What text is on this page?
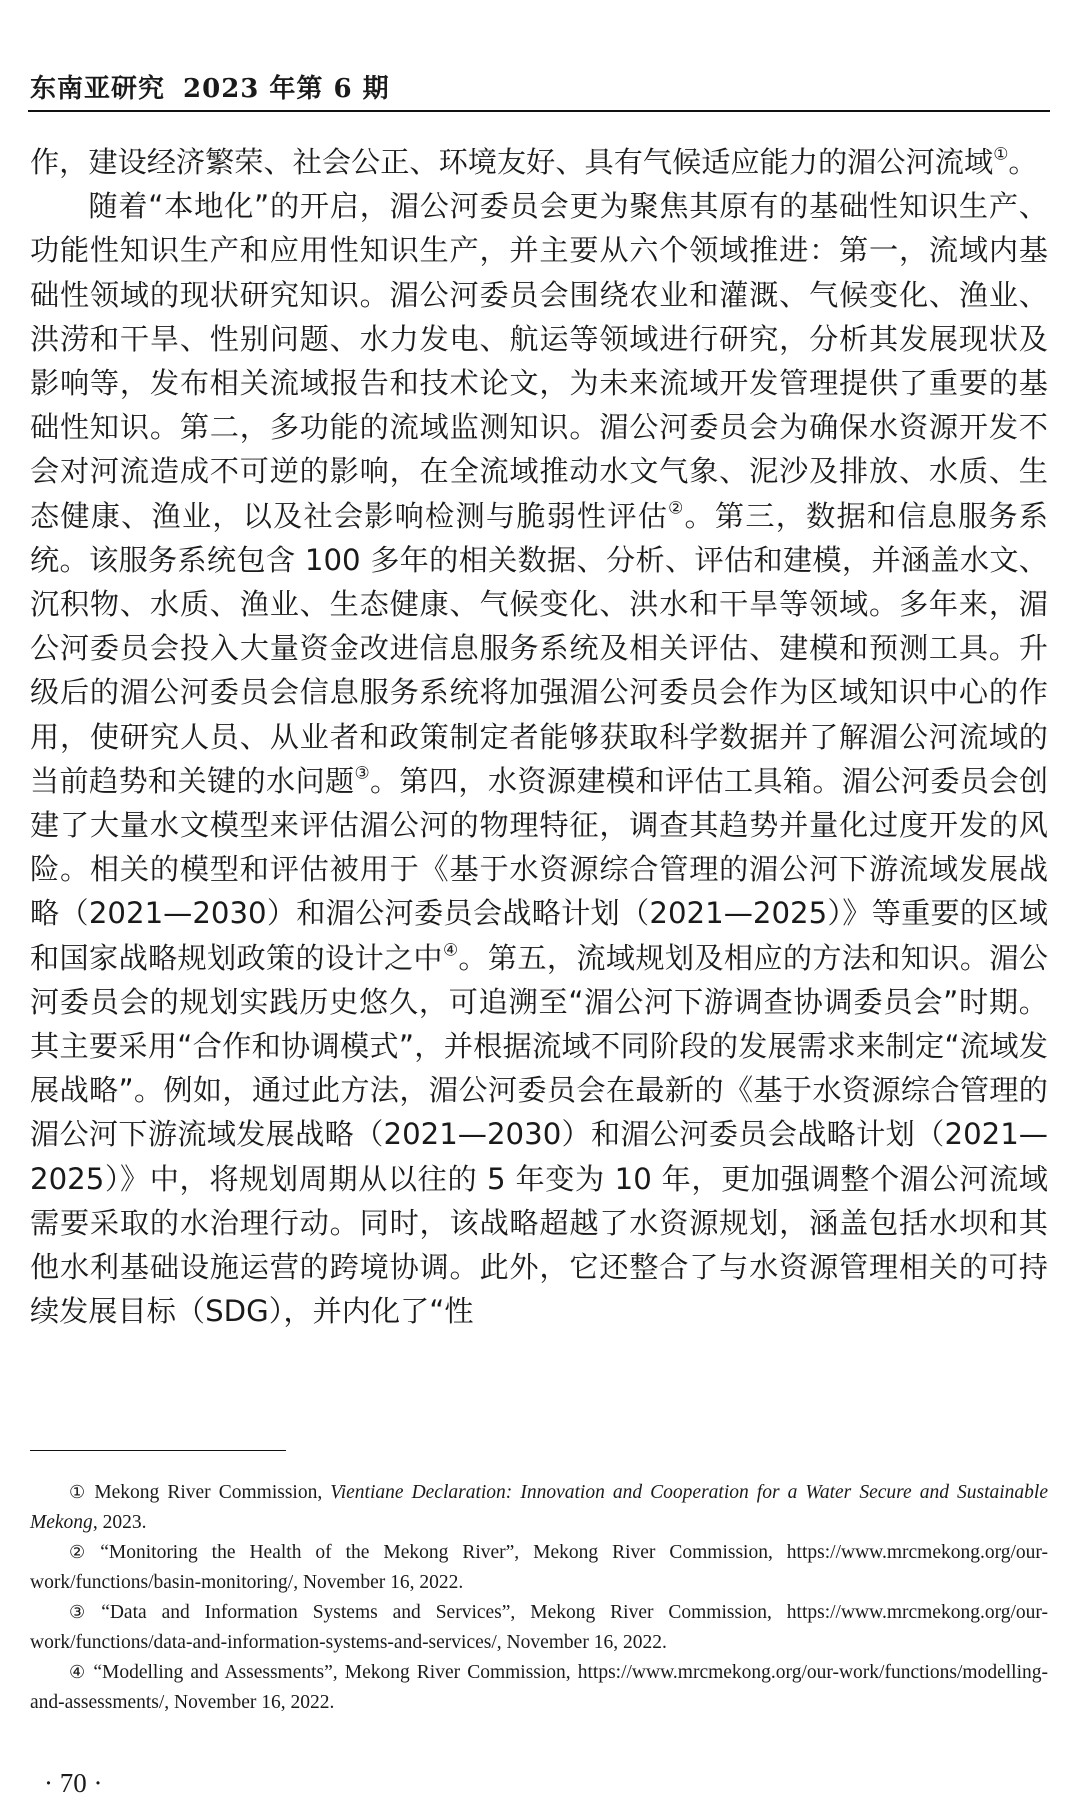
东南亚研究 2023 年第 6 期

作，建设经济繁荣、社会公正、环境友好、具有气候适应能力的湄公河流域①。

随着“本地化”的开启，湄公河委员会更为聚焦其原有的基础性知识生产、功能性知识生产和应用性知识生产，并主要从六个领域推进：第一，流域内基础性领域的现状研究知识。湄公河委员会围绕农业和灌溉、气候变化、渔业、洪涝和干旱、性别问题、水力发电、航运等领域进行研究，分析其发展现状及影响等，发布相关流域报告和技术论文，为未来流域开发管理提供了重要的基础性知识。第二，多功能的流域监测知识。湄公河委员会为确保水资源开发不会对河流造成不可逆的影响，在全流域推动水文气象、泥沙及排放、水质、生态健康、渔业，以及社会影响检测与脆弱性评估②。第三，数据和信息服务系统。该服务系统包含 100 多年的相关数据、分析、评估和建模，并涵盖水文、沉积物、水质、渔业、生态健康、气候变化、洪水和干旱等领域。多年来，湄公河委员会投入大量资金改进信息服务系统及相关评估、建模和预测工具。升级后的湄公河委员会信息服务系统将加强湄公河委员会作为区域知识中心的作用，使研究人员、从业者和政策制定者能够获取科学数据并了解湄公河流域的当前趋势和关键的水问题③。第四，水资源建模和评估工具箱。湄公河委员会创建了大量水文模型来评估湄公河的物理特征，调查其趋势并量化过度开发的风险。相关的模型和评估被用于《基于水资源综合管理的湄公河下游流域发展战略（2021—2030）和湄公河委员会战略计划（2021—2025）》等重要的区域和国家战略规划政策的设计之中④。第五，流域规划及相应的方法和知识。湄公河委员会的规划实践历史悠久，可追溯至“湄公河下游调查协调委员会”时期。其主要采用“合作和协调模式”，并根据流域不同阶段的发展需求来制定“流域发展战略”。例如，通过此方法，湄公河委员会在最新的《基于水资源综合管理的湄公河下游流域发展战略（2021—2030）和湄公河委员会战略计划（2021—2025）》中，将规划周期从以往的 5 年变为 10 年，更加强调整个湄公河流域需要采取的水治理行动。同时，该战略超越了水资源规划，涵盖包括水坝和其他水利基础设施运营的跨境协调。此外，它还整合了与水资源管理相关的可持续发展目标（SDG），并内化了“性

① Mekong River Commission, Vientiane Declaration: Innovation and Cooperation for a Water Secure and Sustainable Mekong, 2023.

② “Monitoring the Health of the Mekong River”, Mekong River Commission, https://www.mrcmekong.org/our-work/functions/basin-monitoring/, November 16, 2022.

③ “Data and Information Systems and Services”, Mekong River Commission, https://www.mrcmekong.org/our-work/functions/data-and-information-systems-and-services/, November 16, 2022.

④ “Modelling and Assessments”, Mekong River Commission, https://www.mrcmekong.org/our-work/functions/modelling-and-assessments/, November 16, 2022.

· 70 ·
